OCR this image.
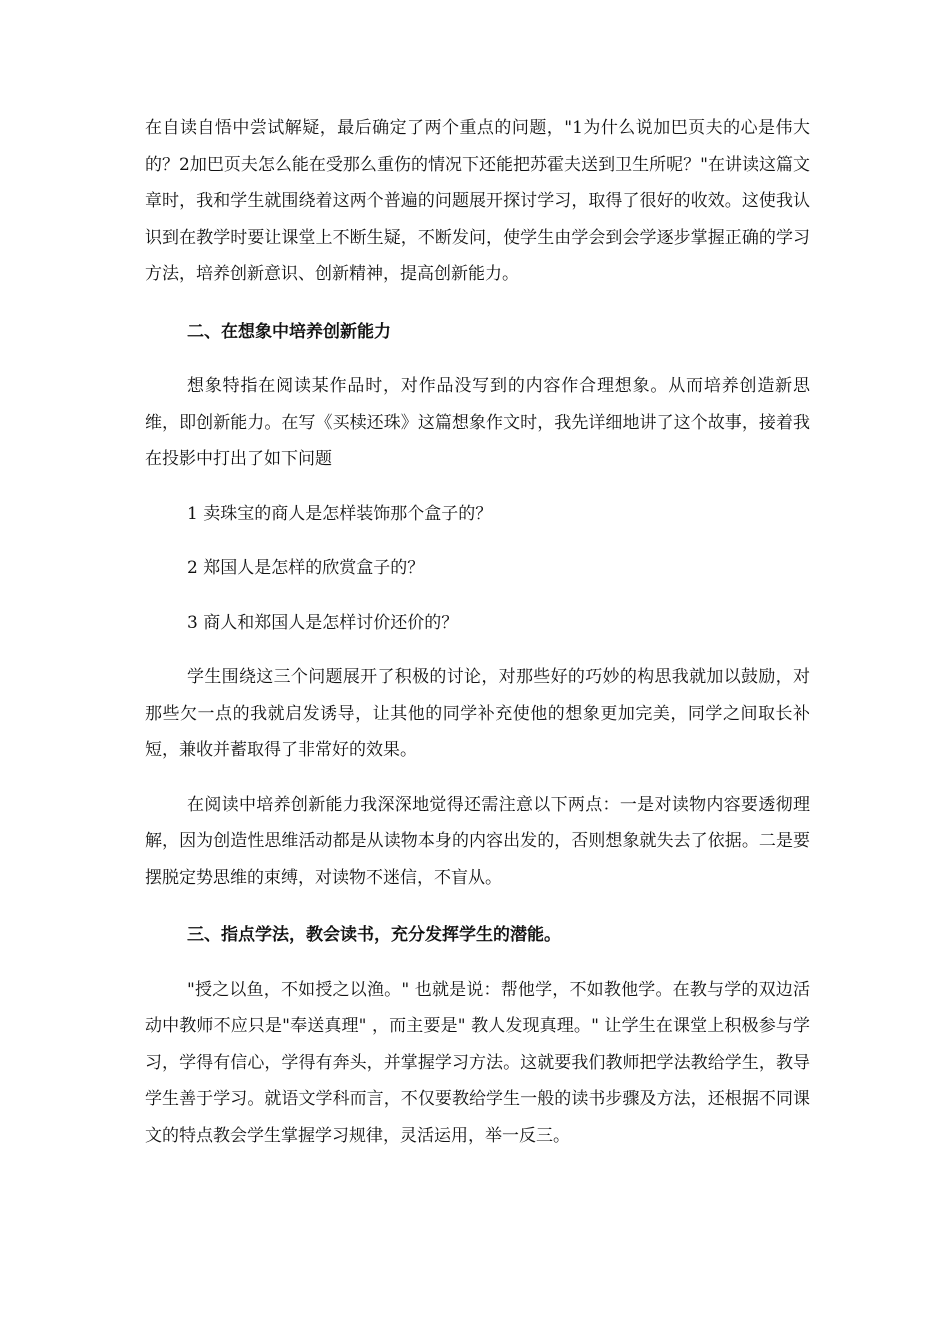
在自读自悟中尝试解疑，最后确定了两个重点的问题，"1为什么说加巴页夫的心是伟大的？2加巴页夫怎么能在受那么重伤的情况下还能把苏霍夫送到卫生所呢？"在讲读这篇文章时，我和学生就围绕着这两个普遍的问题展开探讨学习，取得了很好的收效。这使我认识到在教学时要让课堂上不断生疑，不断发问，使学生由学会到会学逐步掌握正确的学习方法，培养创新意识、创新精神，提高创新能力。

二、在想象中培养创新能力

想象特指在阅读某作品时，对作品没写到的内容作合理想象。从而培养创造新思维，即创新能力。在写《买椟还珠》这篇想象作文时，我先详细地讲了这个故事，接着我在投影中打出了如下问题

1 卖珠宝的商人是怎样装饰那个盒子的？

2 郑国人是怎样的欣赏盒子的？

3 商人和郑国人是怎样讨价还价的？

学生围绕这三个问题展开了积极的讨论，对那些好的巧妙的构思我就加以鼓励，对那些欠一点的我就启发诱导，让其他的同学补充使他的想象更加完美，同学之间取长补短，兼收并蓄取得了非常好的效果。

在阅读中培养创新能力我深深地觉得还需注意以下两点：一是对读物内容要透彻理解，因为创造性思维活动都是从读物本身的内容出发的，否则想象就失去了依据。二是要摆脱定势思维的束缚，对读物不迷信，不盲从。

三、指点学法，教会读书，充分发挥学生的潜能。

"授之以鱼，不如授之以渔。" 也就是说：帮他学，不如教他学。在教与学的双边活动中教师不应只是"奉送真理" ，而主要是" 教人发现真理。" 让学生在课堂上积极参与学习，学得有信心，学得有奔头，并掌握学习方法。这就要我们教师把学法教给学生，教导学生善于学习。就语文学科而言，不仅要教给学生一般的读书步骤及方法，还根据不同课文的特点教会学生掌握学习规律，灵活运用，举一反三。
